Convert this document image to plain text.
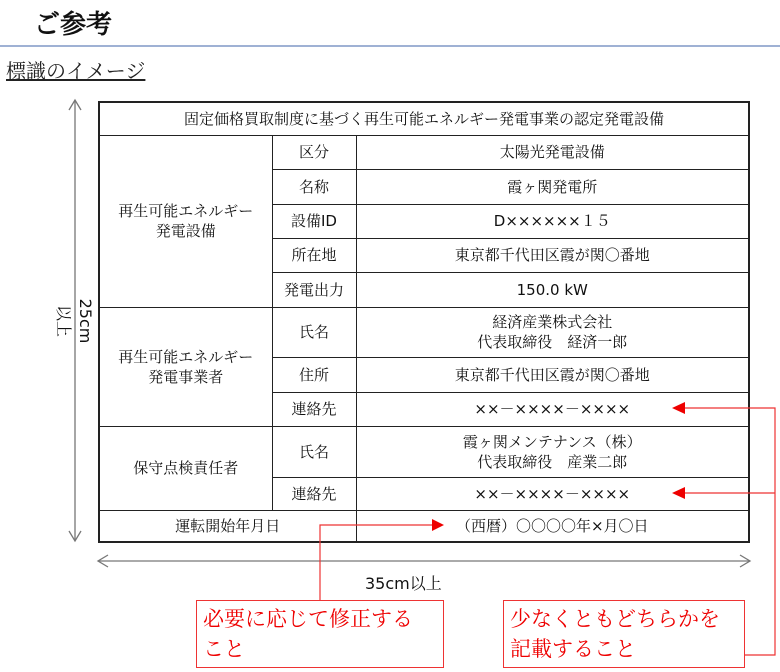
ご参考
標識のイメージ
固定価格買取制度に基づく再生可能エネルギー発電事業の認定発電設備		
再生可能エネルギー
発電設備	区分	太陽光発電設備
	名称	霞ヶ関発電所
	設備ID	D××××××１５
	所在地	東京都千代田区霞が関〇番地
	発電出力	150.0 kW
再生可能エネルギー
発電事業者	氏名	経済産業株式会社
代表取締役　経済一郎
	住所	東京都千代田区霞が関〇番地
	連絡先	××－××××－××××
保守点検責任者	氏名	霞ヶ関メンテナンス（株）
代表取締役　産業二郎
	連絡先	××－××××－××××
運転開始年月日		（西暦）〇〇〇〇年×月〇日
25cm以上
35cm以上
必要に応じて修正する
こと
少なくともどちらかを
記載すること
